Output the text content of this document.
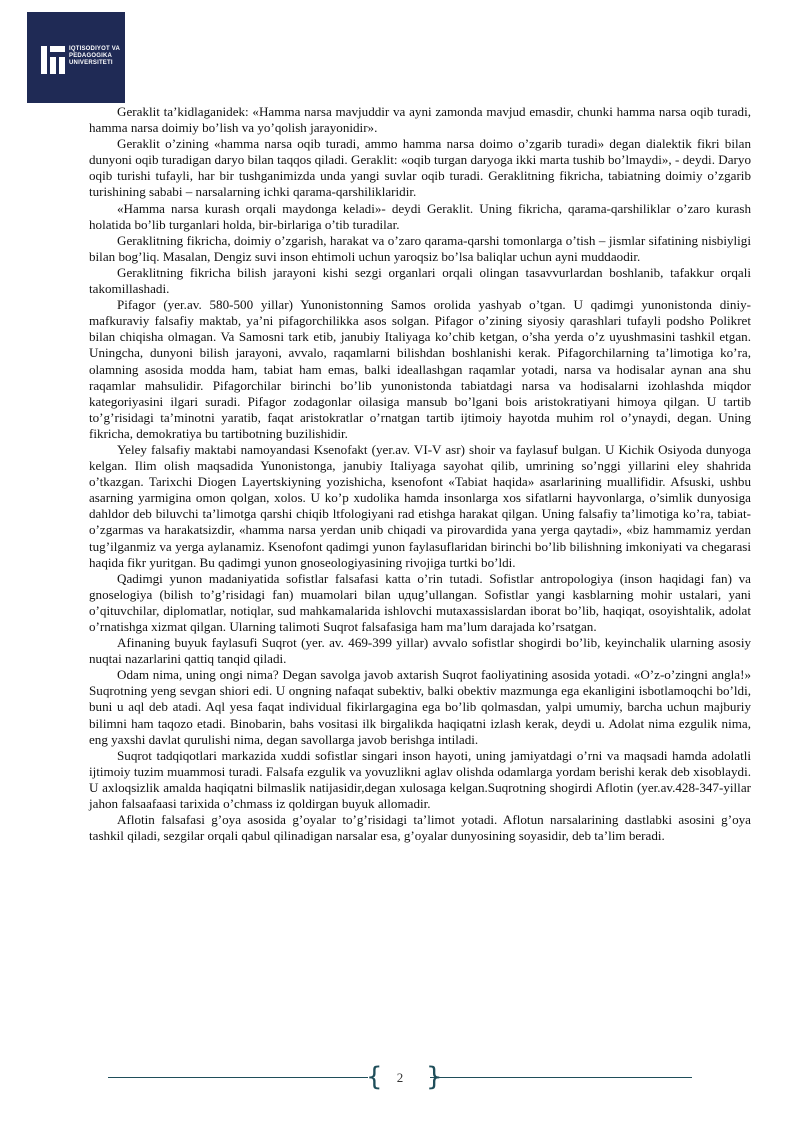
IQTISODIYOT VA
PEDAGOGIKA
UNIVERSITETI

Geraklit ta’kidlaganidek: «Hamma narsa mavjuddir va ayni zamonda mavjud emasdir, chunki hamma narsa oqib turadi, hamma narsa doimiy bo’lish va yo’qolish jarayonidir».

Geraklit o’zining «hamma narsa oqib turadi, ammo hamma narsa doimo o’zgarib turadi» degan dialektik fikri bilan dunyoni oqib turadigan daryo bilan taqqos qiladi. Geraklit: «oqib turgan daryoga ikki marta tushib bo’lmaydi», - deydi. Daryo oqib turishi tufayli, har bir tushganimizda unda yangi suvlar oqib turadi. Geraklitning fikricha, tabiatning doimiy o’zgarib turishining sababi – narsalarning ichki qarama-qarshiliklaridir.

«Hamma narsa kurash orqali maydonga keladi»- deydi Geraklit. Uning fikricha, qarama-qarshiliklar o’zaro kurash holatida bo’lib turganlari holda, bir-birlariga o’tib turadilar.

Geraklitning fikricha, doimiy o’zgarish, harakat va o’zaro qarama-qarshi tomonlarga o’tish – jismlar sifatining nisbiyligi bilan bog’liq. Masalan, Dengiz suvi inson ehtimoli uchun yaroqsiz bo’lsa baliqlar uchun ayni muddaodir.

Geraklitning fikricha bilish jarayoni kishi sezgi organlari orqali olingan tasavvurlardan boshlanib, tafakkur orqali takomillashadi.

Pifagor (yer.av. 580-500 yillar) Yunonistonning Samos orolida yashyab o’tgan. U qadimgi yunonistonda diniy-mafkuraviy falsafiy maktab, ya’ni pifagorchilikka asos solgan. Pifagor o’zining siyosiy qarashlari tufayli podsho Polikret bilan chiqisha olmagan. Va Samosni tark etib, janubiy Italiyaga ko’chib ketgan, o’sha yerda o’z uyushmasini tashkil etgan. Uningcha, dunyoni bilish jarayoni, avvalo, raqamlarni bilishdan boshlanishi kerak. Pifagorchilarning ta’limotiga ko’ra, olamning asosida modda ham, tabiat ham emas, balki ideallashgan raqamlar yotadi, narsa va hodisalar aynan ana shu raqamlar mahsulidir. Pifagorchilar birinchi bo’lib yunonistonda tabiatdagi narsa va hodisalarni izohlashda miqdor kategoriyasini ilgari suradi. Pifagor zodagonlar oilasiga mansub bo’lgani bois aristokratiyani himoya qilgan. U tartib to’g’risidagi ta’minotni yaratib, faqat aristokratlar o’rnatgan tartib ijtimoiy hayotda muhim rol o’ynaydi, degan. Uning fikricha, demokratiya bu tartibotning buzilishidir.

Yeley falsafiy maktabi namoyandasi Ksenofakt (yer.av. VI-V asr) shoir va faylasuf bulgan. U Kichik Osiyoda dunyoga kelgan. Ilim olish maqsadida Yunonistonga, janubiy Italiyaga sayohat qilib, umrining so’nggi yillarini eley shahrida o’tkazgan. Tarixchi Diogen Layertskiyning yozishicha, ksenofont «Tabiat haqida» asarlarining muallifidir. Afsuski, ushbu asarning yarmigina omon qolgan, xolos. U ko’p xudolika hamda insonlarga xos sifatlarni hayvonlarga, o’simlik dunyosiga dahldor deb biluvchi ta’limotga qarshi chiqib ltfologiyani rad etishga harakat qilgan. Uning falsafiy ta’limotiga ko’ra, tabiat- o’zgarmas va harakatsizdir, «hamma narsa yerdan unib chiqadi va pirovardida yana yerga qaytadi», «biz hammamiz yerdan tug’ilganmiz va yerga aylanamiz. Ksenofont qadimgi yunon faylasuflaridan birinchi bo’lib bilishning imkoniyati va chegarasi haqida fikr yuritgan. Bu qadimgi yunon gnoseologiyasining rivojiga turtki bo’ldi.

Qadimgi yunon madaniyatida sofistlar falsafasi katta o’rin tutadi. Sofistlar antropologiya (inson haqidagi fan) va gnoselogiya (bilish to’g’risidagi fan) muamolari bilan uдug’ullangan. Sofistlar yangi kasblarning mohir ustalari, yani o’qituvchilar, diplomatlar, notiqlar, sud mahkamalarida ishlovchi mutaxassislardan iborat bo’lib, haqiqat, osoyishtalik, adolat o’rnatishga xizmat qilgan. Ularning talimoti Suqrot falsafasiga ham ma’lum darajada ko’rsatgan.

Afinaning buyuk faylasufi Suqrot (yer. av. 469-399 yillar) avvalo sofistlar shogirdi bo’lib, keyinchalik ularning asosiy nuqtai nazarlarini qattiq tanqid qiladi.

Odam nima, uning ongi nima? Degan savolga javob axtarish Suqrot faoliyatining asosida yotadi. «O’z-o’zingni angla!» Suqrotning yeng sevgan shiori edi. U ongning nafaqat subektiv, balki obektiv mazmunga ega ekanligini isbotlamoqchi bo’ldi, buni u aql deb atadi. Aql yesa faqat individual fikirlargagina ega bo’lib qolmasdan, yalpi umumiy, barcha uchun majburiy bilimni ham taqozo etadi. Binobarin, bahs vositasi ilk birgalikda haqiqatni izlash kerak, deydi u. Adolat nima ezgulik nima, eng yaxshi davlat qurulishi nima, degan savollarga javob berishga intiladi.

Suqrot tadqiqotlari markazida xuddi sofistlar singari inson hayoti, uning jamiyatdagi o’rni va maqsadi hamda adolatli ijtimoiy tuzim muammosi turadi. Falsafa ezgulik va yovuzlikni aglav olishda odamlarga yordam berishi kerak deb xisoblaydi. U axloqsizlik amalda haqiqatni bilmaslik natijasidir,degan xulosaga kelgan.Suqrotning shogirdi Aflotin (yer.av.428-347-yillar jahon falsaafaasi tarixida o’chmass iz qoldirgan buyuk allomadir.

Aflotin falsafasi g’oya asosida g’oyalar to’g’risidagi ta’limot yotadi. Aflotun narsalarining dastlabki asosini g’oya tashkil qiladi, sezgilar orqali qabul qilinadigan narsalar esa, g’oyalar dunyosining soyasidir, deb ta’lim beradi.

{	2 }
